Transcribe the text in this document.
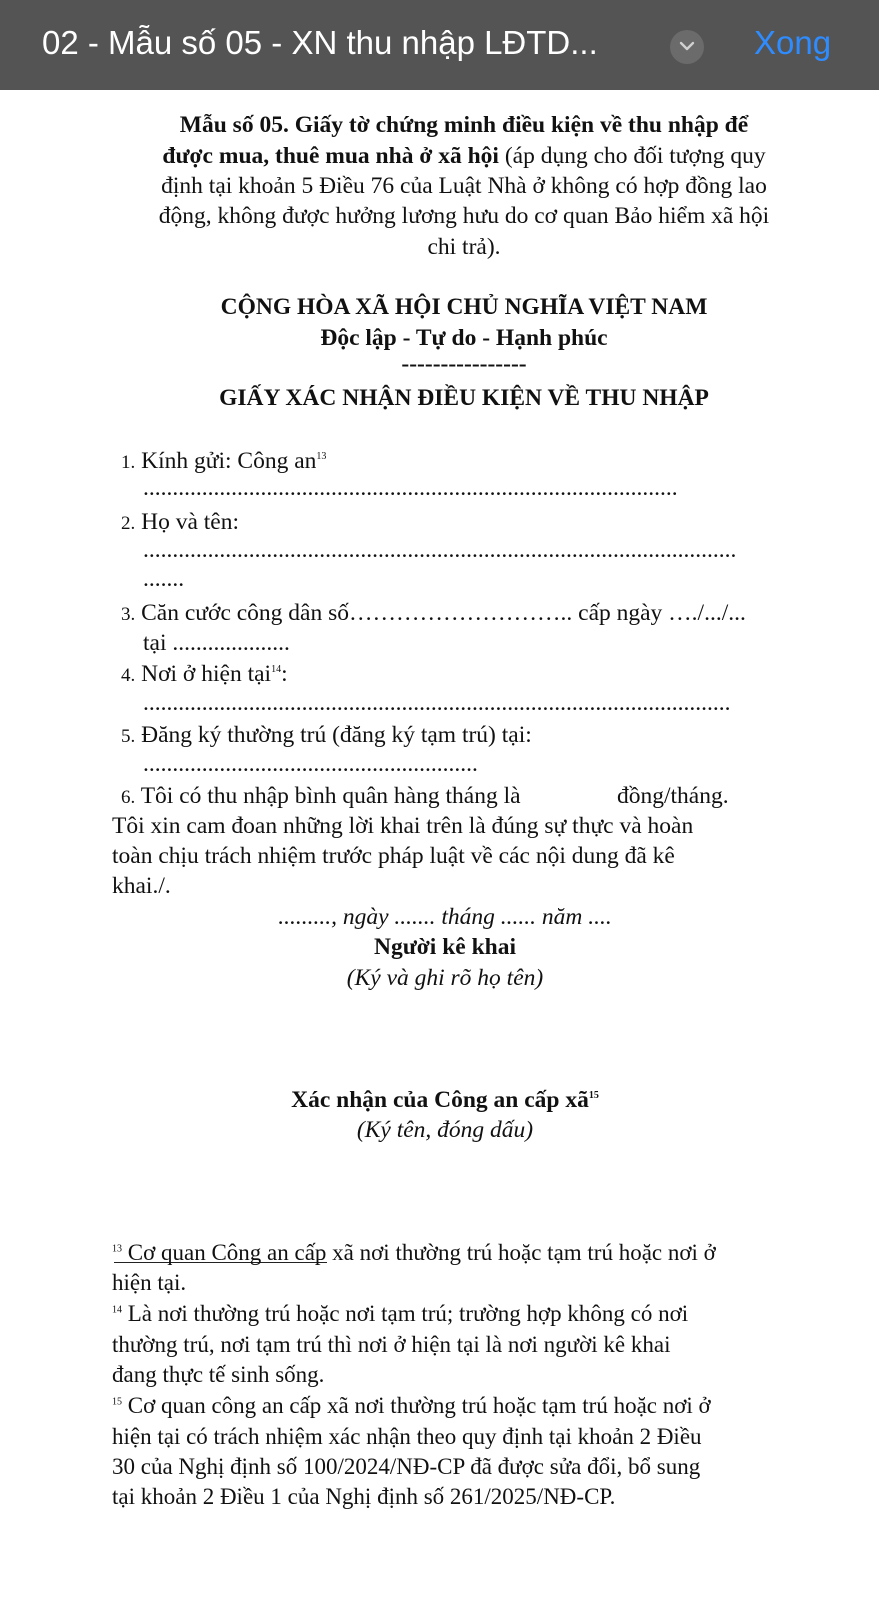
02 - Mẫu số 05 - XN thu nhập LĐTD...	Xong
Mẫu số 05. Giấy tờ chứng minh điều kiện về thu nhập để
được mua, thuê mua nhà ở xã hội (áp dụng cho đối tượng quy
định tại khoản 5 Điều 76 của Luật Nhà ở không có hợp đồng lao
động, không được hưởng lương hưu do cơ quan Bảo hiểm xã hội
chi trả).
CỘNG HÒA XÃ HỘI CHỦ NGHĨA VIỆT NAM
Độc lập - Tự do - Hạnh phúc
----------------
GIẤY XÁC NHẬN ĐIỀU KIỆN VỀ THU NHẬP
1. Kính gửi: Công $an^{13}$
...........................................................................................
2. Họ và tên:
.....................................................................................................
.......
3. Căn cước công dân số……………………….. cấp ngày …./.../...
tại ....................
4. Nơi ở hiện tại$^{14}$:
....................................................................................................
5. Đăng ký thường trú (đăng ký tạm trú) tại:
.........................................................
6. Tôi có thu nhập bình quân hàng tháng là	đồng/tháng.
Tôi xin cam đoan những lời khai trên là đúng sự thực và hoàn
toàn chịu trách nhiệm trước pháp luật về các nội dung đã kê
khai./.
........., ngày ....... tháng ...... năm ....
Người kê khai
(Ký và ghi rõ họ tên)
Xác nhận của Công an cấp $xã^{15}$
(Ký tên, đóng dấu)
$^{13}$ Cơ quan Công an cấp xã nơi thường trú hoặc tạm trú hoặc nơi ở
hiện tại.
$^{14}$ Là nơi thường trú hoặc nơi tạm trú; trường hợp không có nơi
thường trú, nơi tạm trú thì nơi ở hiện tại là nơi người kê khai
đang thực tế sinh sống.
$^{15}$ Cơ quan công an cấp xã nơi thường trú hoặc tạm trú hoặc nơi ở
hiện tại có trách nhiệm xác nhận theo quy định tại khoản 2 Điều
30 của Nghị định số 100/2024/NĐ-CP đã được sửa đổi, bổ sung
tại khoản 2 Điều 1 của Nghị định số 261/2025/NĐ-CP.
